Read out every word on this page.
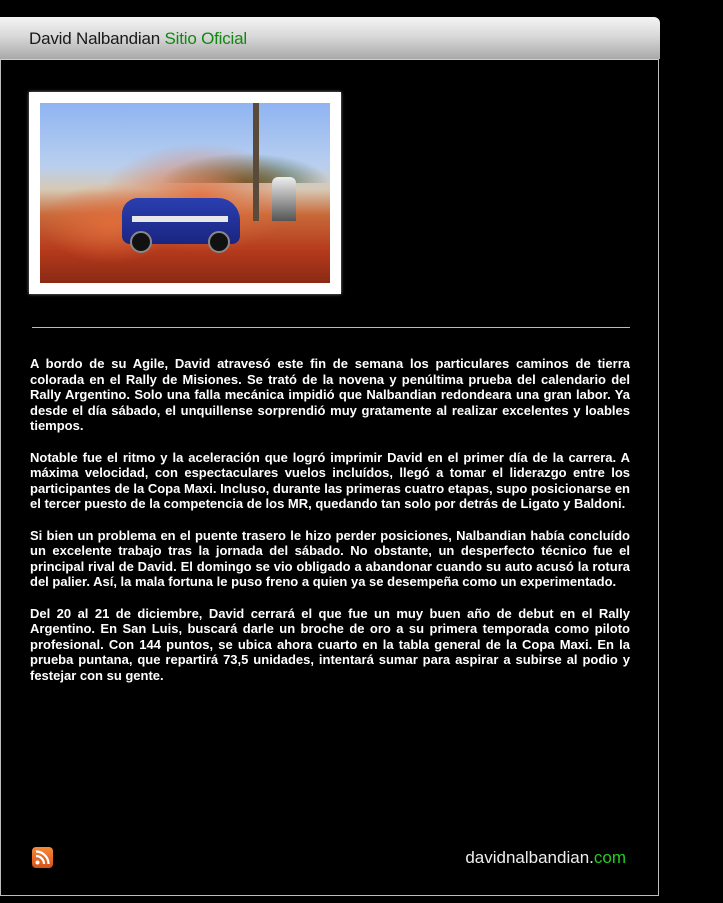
David Nalbandian Sitio Oficial

A bordo de su Agile, David atravesó este fin de semana los particulares caminos de tierra colorada en el Rally de Misiones. Se trató de la novena y penúltima prueba del calendario del Rally Argentino. Solo una falla mecánica impidió que Nalbandian redondeara una gran labor. Ya desde el día sábado, el unquillense sorprendió muy gratamente al realizar excelentes y loables tiempos.

Notable fue el ritmo y la aceleración que logró imprimir David en el primer día de la carrera. A máxima velocidad, con espectaculares vuelos incluídos, llegó a tomar el liderazgo entre los participantes de la Copa Maxi. Incluso, durante las primeras cuatro etapas, supo posicionarse en el tercer puesto de la competencia de los MR, quedando tan solo por detrás de Ligato y Baldoni.

Si bien un problema en el puente trasero le hizo perder posiciones, Nalbandian había concluído un excelente trabajo tras la jornada del sábado. No obstante, un desperfecto técnico fue el principal rival de David. El domingo se vio obligado a abandonar cuando su auto acusó la rotura del palier. Así, la mala fortuna le puso freno a quien ya se desempeña como un experimentado.

Del 20 al 21 de diciembre, David cerrará el que fue un muy buen año de debut en el Rally Argentino. En San Luis, buscará darle un broche de oro a su primera temporada como piloto profesional. Con 144 puntos, se ubica ahora cuarto en la tabla general de la Copa Maxi. En la prueba puntana, que repartirá 73,5 unidades, intentará sumar para aspirar a subirse al podio y festejar con su gente.

davidnalbandian.com
